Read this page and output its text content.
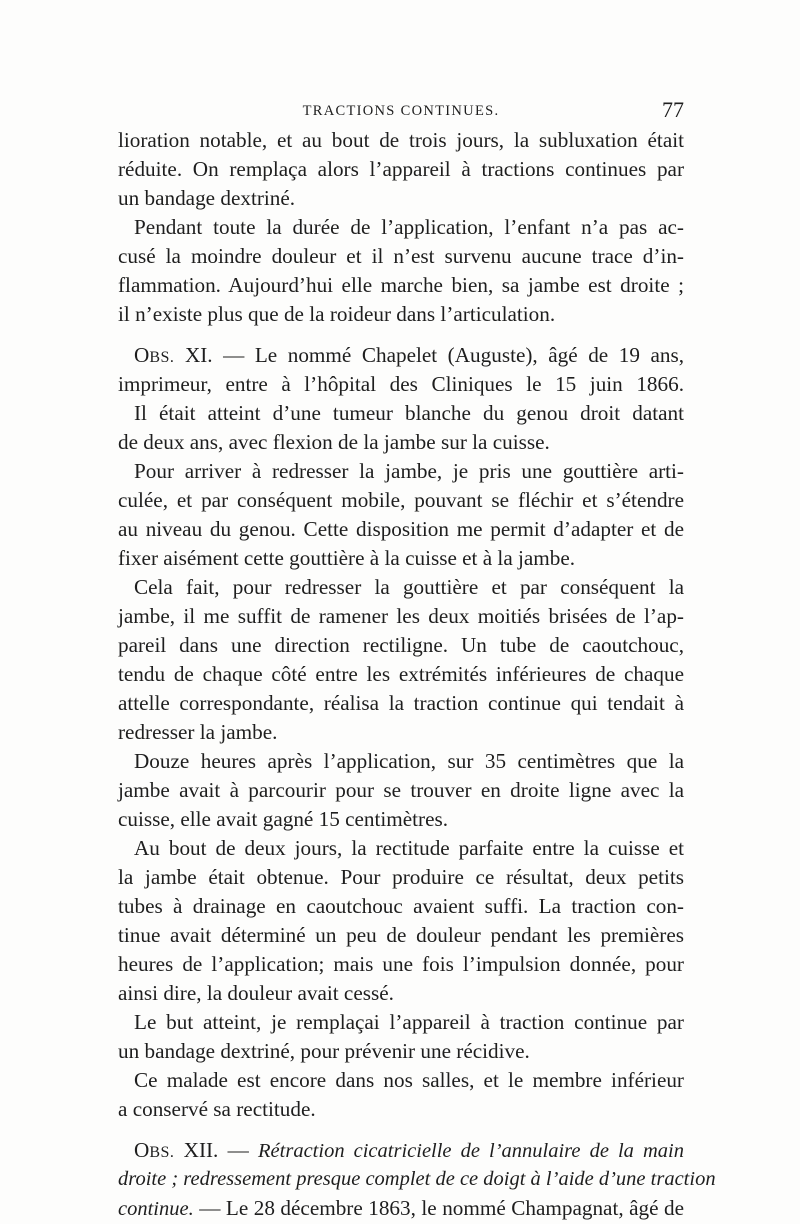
TRACTIONS CONTINUES.	77
lioration notable, et au bout de trois jours, la subluxation était
réduite. On remplaça alors l’appareil à tractions continues par
un bandage dextriné.
Pendant toute la durée de l’application, l’enfant n’a pas ac-
cusé la moindre douleur et il n’est survenu aucune trace d’in-
flammation. Aujourd’hui elle marche bien, sa jambe est droite ;
il n’existe plus que de la roideur dans l’articulation.
OBS. XI. — Le nommé Chapelet (Auguste), âgé de 19 ans,
imprimeur, entre à l’hôpital des Cliniques le 15 juin 1866.
Il était atteint d’une tumeur blanche du genou droit datant
de deux ans, avec flexion de la jambe sur la cuisse.
Pour arriver à redresser la jambe, je pris une gouttière arti-
culée, et par conséquent mobile, pouvant se fléchir et s’étendre
au niveau du genou. Cette disposition me permit d’adapter et de
fixer aisément cette gouttière à la cuisse et à la jambe.
Cela fait, pour redresser la gouttière et par conséquent la
jambe, il me suffit de ramener les deux moitiés brisées de l’ap-
pareil dans une direction rectiligne. Un tube de caoutchouc,
tendu de chaque côté entre les extrémités inférieures de chaque
attelle correspondante, réalisa la traction continue qui tendait à
redresser la jambe.
Douze heures après l’application, sur 35 centimètres que la
jambe avait à parcourir pour se trouver en droite ligne avec la
cuisse, elle avait gagné 15 centimètres.
Au bout de deux jours, la rectitude parfaite entre la cuisse et
la jambe était obtenue. Pour produire ce résultat, deux petits
tubes à drainage en caoutchouc avaient suffi. La traction con-
tinue avait déterminé un peu de douleur pendant les premières
heures de l’application; mais une fois l’impulsion donnée, pour
ainsi dire, la douleur avait cessé.
Le but atteint, je remplaçai l’appareil à traction continue par
un bandage dextriné, pour prévenir une récidive.
Ce malade est encore dans nos salles, et le membre inférieur
a conservé sa rectitude.
OBS. XII. — Rétraction cicatricielle de l’annulaire de la main
droite ; redressement presque complet de ce doigt à l’aide d’une traction
continue. — Le 28 décembre 1863, le nommé Champagnat, âgé de
